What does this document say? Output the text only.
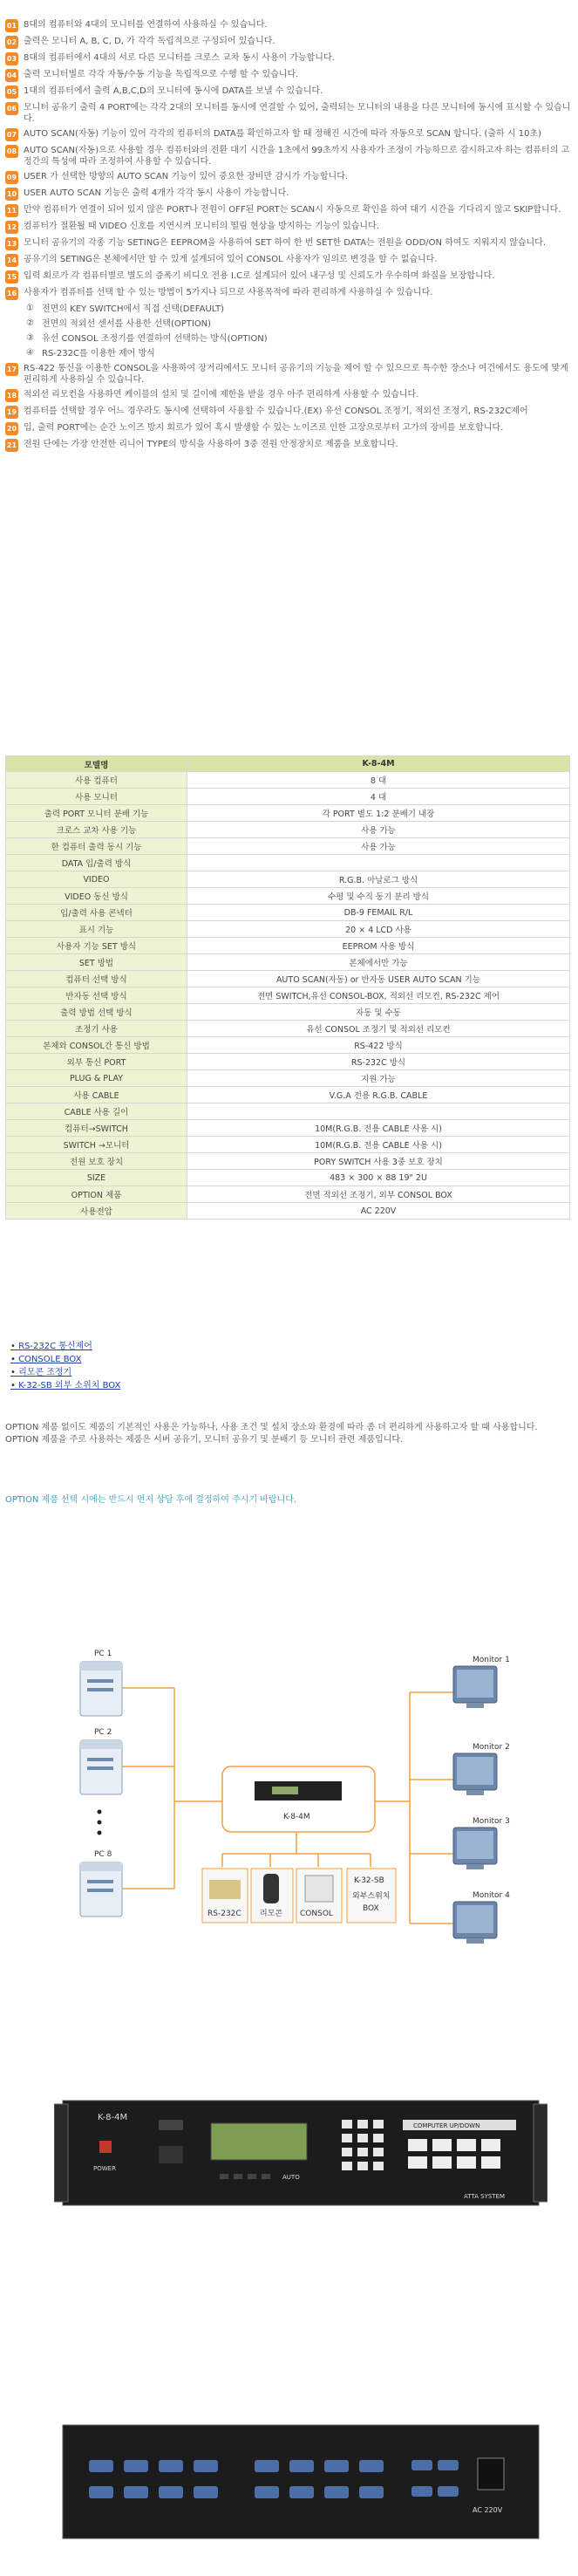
01 8대의 컴퓨터와 4대의 모니터를 연결하여 사용하실 수 있습니다.
02 출력은 모니터 A, B, C, D, 가 각각 독립적으로 구성되어 있습니다.
03 8대의 컴퓨터에서 4대의 서로 다른 모니터를 크로스 교차 동시 사용이 가능합니다.
04 출력 모니터별로 각각 자동/수동 기능을 독립적으로 수행 할 수 있습니다.
05 1대의 컴퓨터에서 출력 A,B,C,D의 모니터에 동시에 DATA를 보낼 수 있습니다.
06 모니터 공유기 출력 4 PORT에는 각각 2대의 모니터를 동시에 연결할 수 있어, 출력되는 모니터의 내용을 다른 모니터에 동시에 표시할 수 있습니다.
07 AUTO SCAN(자동) 기능이 있어 각각의 컴퓨터의 DATA를 확인하고자 할 때 정해진 시간에 따라 자동으로 SCAN 합니다. (출하 시 10초)
08 AUTO SCAN(자동)으로 사용할 경우 컴퓨터와의 전환 대기 시간을 1초에서 99초까지 사용자가 조정이 가능하므로 감시하고자 하는 컴퓨터의 고정간의 특성에 따라 조정하여 사용할 수 있습니다.
09 USER 가 선택한 방향의 AUTO SCAN 기능이 있어 중요한 장비만 감시가 가능합니다.
10 USER AUTO SCAN 기능은 출력 4개가 각각 동시 사용이 가능합니다.
11 만약 컴퓨터가 연결이 되어 있지 않은 PORT나 전원이 OFF된 PORT는 SCAN시 자동으로 확인을 하여 대기 시간을 기다리지 않고 SKIP합니다.
12 컴퓨터가 절환될 때 VIDEO 신호를 지연시켜 모니터의 떨림 현상을 방지하는 기능이 있습니다.
13 모니터 공유기의 각종 기능 SETING은 EEPROM을 사용하여 SET 하여 한 번 SET한 DATA는 전원을 ODD/ON 하여도 지워지지 않습니다.
14 공유기의 SETING은 본체에서만 할 수 있게 설계되어 있어 CONSOL 사용자가 임의로 변경을 할 수 없습니다.
15 입력 회로가 각 컴퓨터별로 별도의 증폭기 비디오 전용 I.C로 설계되어 있어 내구성 및 신뢰도가 우수하며 화질을 보장합니다.
16 사용자가 컴퓨터를 선택 할 수 있는 방법이 5가지나 되므로 사용목적에 따라 편리하게 사용하실 수 있습니다.
① 전면의 KEY SWITCH에서 직접 선택(DEFAULT)
② 전면의 적외선 센서를 사용한 선택(OPTION)
③ 유선 CONSOL 조정기를 연결하여 선택하는 방식(OPTION)
④ RS-232C를 이용한 제어 방식
17 RS-422 통신을 이용한 CONSOL을 사용하여 장거리에서도 모니터 공유기의 기능을 제어 할 수 있으므로 특수한 장소나 여건에서도 용도에 맞게 편리하게 사용하실 수 있습니다.
18 적외선 리모컨을 사용하면 케이블의 설치 및 길이에 제한을 받을 경우 아주 편리하게 사용할 수 있습니다.
19 컴퓨터를 선택할 경우 어느 경우라도 동시에 선택하여 사용할 수 있습니다.(EX) 유선 CONSOL 조정기, 적외선 조정기, RS-232C제어
20 입, 출력 PORT에는 순간 노이즈 방지 회로가 있어 혹시 발생할 수 있는 노이즈로 인한 고장으로부터 고가의 장비를 보호합니다.
21 전원 단에는 가장 안전한 리니어 TYPE의 방식을 사용하여 3중 전원 안정장치로 제품을 보호합니다.
모델명	K-8-4M
사용 컴퓨터	8 대
사용 모니터	4 대
출력 PORT 모니터 분배 기능	각 PORT 별도 1:2 분배기 내장
크로스 교차 사용 기능	사용 가능
한 컴퓨터 출력 동시 기능	사용 가능
DATA 입/출력 방식	
VIDEO	R.G.B. 아날로그 방식
VIDEO 동신 방식	수평 및 수직 동기 분리 방식
입/출력 사용 콘넥터	DB-9 FEMAIL R/L
표시 기능	20 × 4 LCD 사용
사용자 기능 SET 방식	EEPROM 사용 방식
SET 방법	본체에서만 가능
컴퓨터 선택 방식	AUTO SCAN(자동) or 반자동 USER AUTO SCAN 기능
반자동 선택 방식	전면 SWITCH,유선 CONSOL-BOX, 적외선 리모컨, RS-232C 제어
출력 방법 선택 방식	자동 및 수동
조정기 사용	유선 CONSOL 조정기 및 적외선 리모컨
본체와 CONSOL간 통신 방법	RS-422 방식
외부 통신 PORT	RS-232C 방식
PLUG & PLAY	지원 가능
사용 CABLE	V.G.A 전용 R.G.B. CABLE
CABLE 사용 길이	
컴퓨터→SWITCH	10M(R.G.B. 전용 CABLE 사용 시)
SWITCH →모니터	10M(R.G.B. 전용 CABLE 사용 시)
전원 보호 장치	PORY SWITCH 사용 3중 보호 장치
SIZE	483 × 300 × 88 19" 2U
OPTION 제품	전면 적외선 조정기, 외부 CONSOL BOX
사용전압	AC 220V
• RS-232C 통신제어
• CONSOLE BOX
• 리모콘 조정기
• K-32-SB 외부 소위치 BOX
OPTION 제품 없이도 제품의 기본적인 사용은 가능하나, 사용 조건 및 설치 장소와 환경에 따라 좀 더 편리하게 사용하고자 할 때 사용합니다.
OPTION 제품을 주로 사용하는 제품은 서버 공유기, 모니터 공유기 및 분배기 등 모니터 관련 제품입니다.
OPTION 제품 선택 시에는 반드시 먼저 상담 후에 결정하여 주시기 바랍니다.
PC 1
PC 2
PC 8
K-8-4M
RS-232C 리모콘 CONSOL
K-32-SB
외부스위치
BOX
Monitor 1
Monitor 2
Monitor 3
Monitor 4
K-8-4M
POWER
AUTO
COMPUTER UP/DOWN
ATTA SYSTEM
AC 220V
